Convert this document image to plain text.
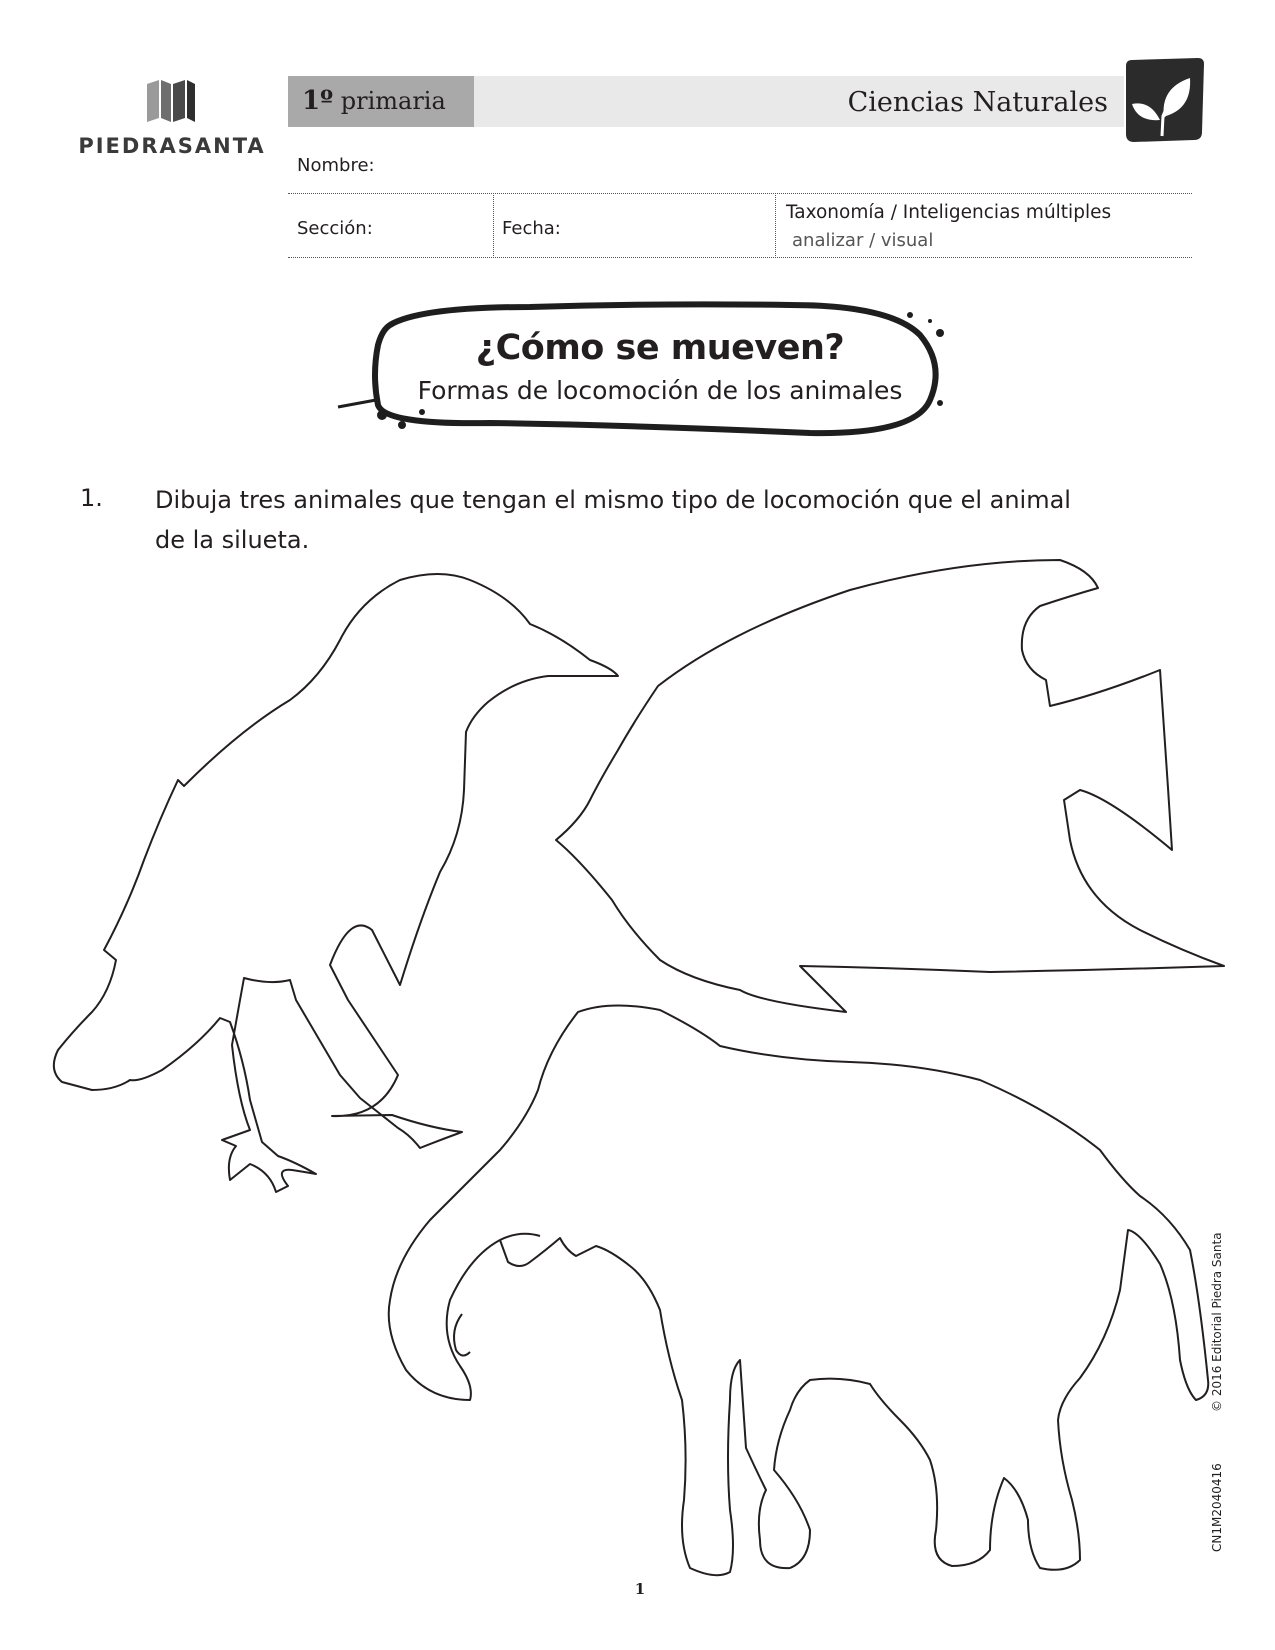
PIEDRASANTA
1º primaria	Ciencias Naturales
Nombre:
Sección:	Fecha:
Taxonomía / Inteligencias múltiples
analizar / visual
¿Cómo se mueven?
Formas de locomoción de los animales
1. Dibuja tres animales que tengan el mismo tipo de locomoción que el animal de la silueta.
1
© 2016 Editorial Piedra Santa
CN1M2040416
